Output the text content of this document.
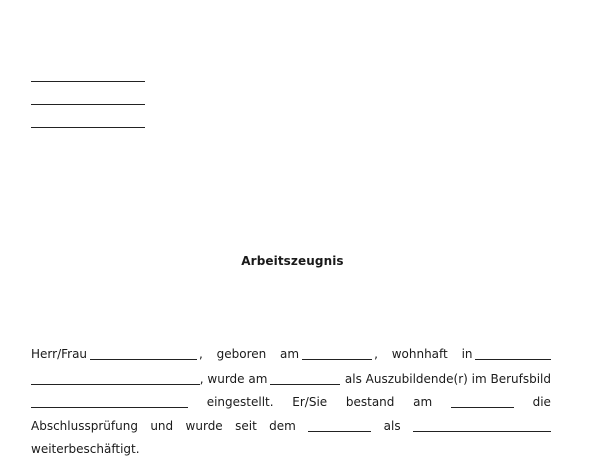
Arbeitszeugnis
Herr/Frau	, geboren am	, wohnhaft in
, wurde am	als Auszubildende(r) im Berufsbild
eingestellt. Er/Sie bestand am	die
Abschlussprüfung und wurde seit dem	als
weiterbeschäftigt.
